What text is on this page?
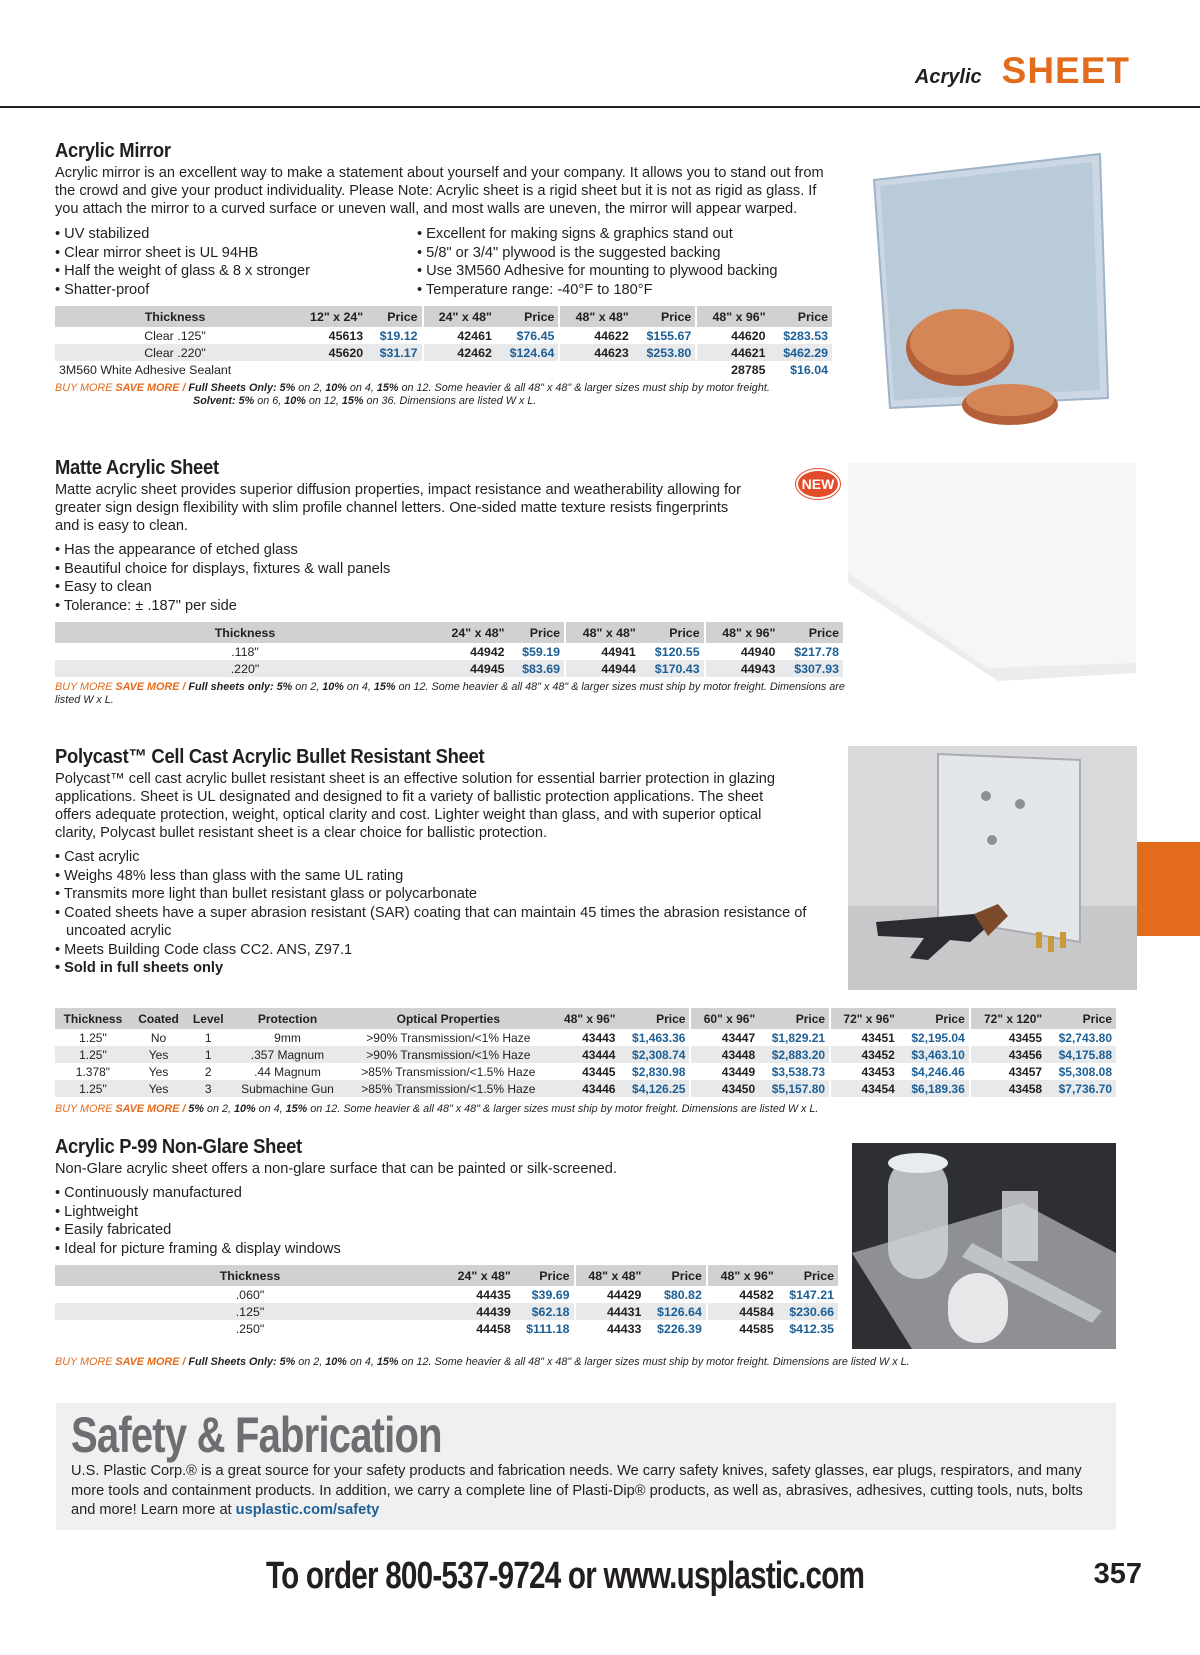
Acrylic SHEET
Acrylic Mirror

Acrylic mirror is an excellent way to make a statement about yourself and your company. It allows you to stand out from the crowd and give your product individuality. Please Note: Acrylic sheet is a rigid sheet but it is not as rigid as glass. If you attach the mirror to a curved surface or uneven wall, and most walls are uneven, the mirror will appear warped.

• UV stabilized
• Clear mirror sheet is UL 94HB
• Half the weight of glass & 8 x stronger
• Shatter-proof
• Excellent for making signs & graphics stand out
• 5/8" or 3/4" plywood is the suggested backing
• Use 3M560 Adhesive for mounting to plywood backing
• Temperature range: -40°F to 180°F
Thickness	12" x 24"	Price	24" x 48"	Price	48" x 48"	Price	48" x 96"	Price
Clear .125"	45613	$19.12	42461	$76.45	44622	$155.67	44620	$283.53
Clear .220"	45620	$31.17	42462	$124.64	44623	$253.80	44621	$462.29
3M560 White Adhesive Sealant							28785	$16.04
BUY MORE SAVE MORE / Full Sheets Only: 5% on 2, 10% on 4, 15% on 12. Some heavier & all 48" x 48" & larger sizes must ship by motor freight.
Solvent: 5% on 6, 10% on 12, 15% on 36. Dimensions are listed W x L.
Matte Acrylic Sheet

Matte acrylic sheet provides superior diffusion properties, impact resistance and weatherability allowing for greater sign design flexibility with slim profile channel letters. One-sided matte texture resists fingerprints and is easy to clean.

• Has the appearance of etched glass
• Beautiful choice for displays, fixtures & wall panels
• Easy to clean
• Tolerance: ± .187" per side
Thickness	24" x 48"	Price	48" x 48"	Price	48" x 96"	Price
.118"	44942	$59.19	44941	$120.55	44940	$217.78
.220"	44945	$83.69	44944	$170.43	44943	$307.93
BUY MORE SAVE MORE / Full sheets only: 5% on 2, 10% on 4, 15% on 12. Some heavier & all 48" x 48" & larger sizes must ship by motor freight. Dimensions are listed W x L.
NEW
Polycast™ Cell Cast Acrylic Bullet Resistant Sheet

Polycast™ cell cast acrylic bullet resistant sheet is an effective solution for essential barrier protection in glazing applications. Sheet is UL designated and designed to fit a variety of ballistic protection applications. The sheet offers adequate protection, weight, optical clarity and cost. Lighter weight than glass, and with superior optical clarity, Polycast bullet resistant sheet is a clear choice for ballistic protection.

• Cast acrylic
• Weighs 48% less than glass with the same UL rating
• Transmits more light than bullet resistant glass or polycarbonate
• Coated sheets have a super abrasion resistant (SAR) coating that can maintain 45 times the abrasion resistance of uncoated acrylic
• Meets Building Code class CC2. ANS, Z97.1
• Sold in full sheets only
Thickness	Coated	Level	Protection	Optical Properties	48" x 96"	Price	60" x 96"	Price	72" x 96"	Price	72" x 120"	Price
1.25"	No	1	9mm	>90% Transmission/<1% Haze	43443	$1,463.36	43447	$1,829.21	43451	$2,195.04	43455	$2,743.80
1.25"	Yes	1	.357 Magnum	>90% Transmission/<1% Haze	43444	$2,308.74	43448	$2,883.20	43452	$3,463.10	43456	$4,175.88
1.378"	Yes	2	.44 Magnum	>85% Transmission/<1.5% Haze	43445	$2,830.98	43449	$3,538.73	43453	$4,246.46	43457	$5,308.08
1.25"	Yes	3	Submachine Gun	>85% Transmission/<1.5% Haze	43446	$4,126.25	43450	$5,157.80	43454	$6,189.36	43458	$7,736.70
BUY MORE SAVE MORE / 5% on 2, 10% on 4, 15% on 12. Some heavier & all 48" x 48" & larger sizes must ship by motor freight. Dimensions are listed W x L.
Acrylic P-99 Non-Glare Sheet

Non-Glare acrylic sheet offers a non-glare surface that can be painted or silk-screened.

• Continuously manufactured
• Lightweight
• Easily fabricated
• Ideal for picture framing & display windows
Thickness	24" x 48"	Price	48" x 48"	Price	48" x 96"	Price
.060"	44435	$39.69	44429	$80.82	44582	$147.21
.125"	44439	$62.18	44431	$126.64	44584	$230.66
.250"	44458	$111.18	44433	$226.39	44585	$412.35
BUY MORE SAVE MORE / Full Sheets Only: 5% on 2, 10% on 4, 15% on 12. Some heavier & all 48" x 48" & larger sizes must ship by motor freight. Dimensions are listed W x L.
Safety & Fabrication

U.S. Plastic Corp.® is a great source for your safety products and fabrication needs. We carry safety knives, safety glasses, ear plugs, respirators, and many more tools and containment products. In addition, we carry a complete line of Plasti-Dip® products, as well as, abrasives, adhesives, cutting tools, nuts, bolts and more! Learn more at usplastic.com/safety

To order 800-537-9724 or www.usplastic.com	357
